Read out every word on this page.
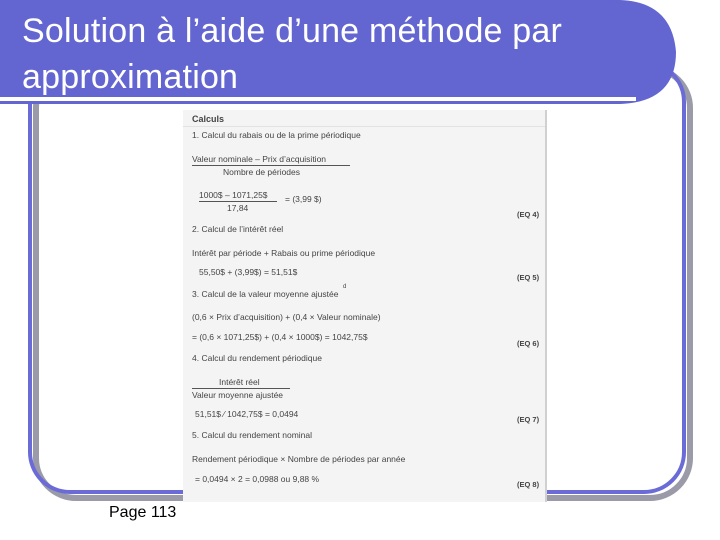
Solution à l’aide d’une méthode par approximation
Calculs
1. Calcul du rabais ou de la prime périodique
Valeur nominale – Prix d’acquisition
Nombre de périodes
1000$ – 1071,25$ = (3,99 $)
17,84
(EQ 4)
2. Calcul de l’intérêt réel
Intérêt par période + Rabais ou prime périodique
55,50$ + (3,99$) = 51,51$
(EQ 5)
3. Calcul de la valeur moyenne ajustée
d
(0,6 × Prix d’acquisition) + (0,4 × Valeur nominale)
= (0,6 × 1071,25$) + (0,4 × 1000$) = 1042,75$
(EQ 6)
4. Calcul du rendement périodique
Intérêt réel
Valeur moyenne ajustée
51,51$ ⁄ 1042,75$ = 0,0494
(EQ 7)
5. Calcul du rendement nominal
Rendement périodique × Nombre de périodes par année
= 0,0494 × 2 = 0,0988 ou 9,88 %
(EQ 8)
Page 113
